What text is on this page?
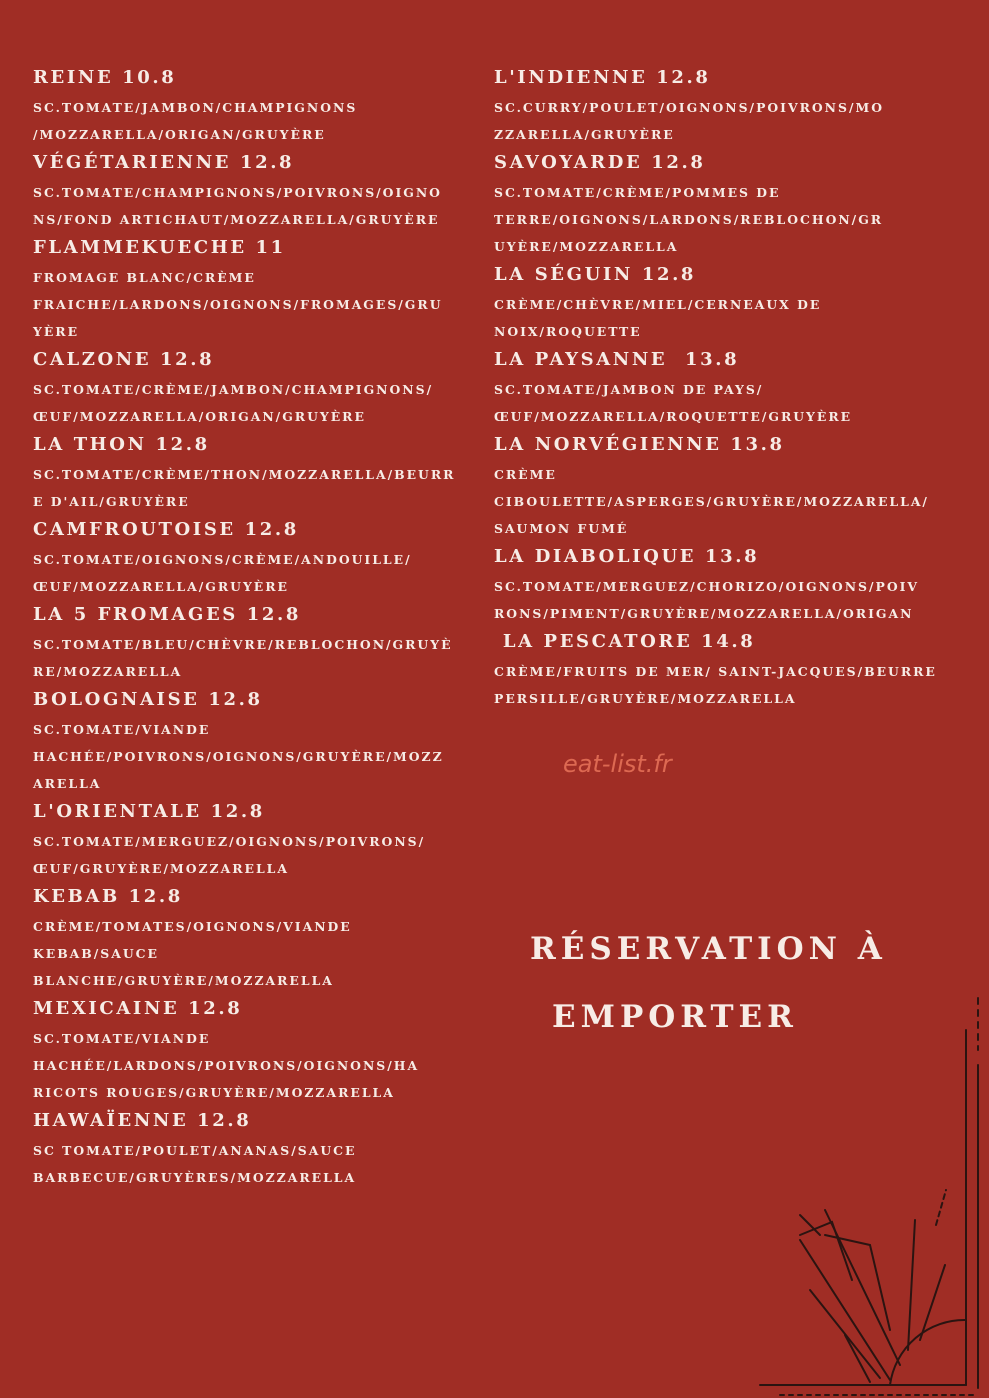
REINE 10.8
SC.TOMATE/JAMBON/CHAMPIGNONS
/MOZZARELLA/ORIGAN/GRUYÈRE
VÉGÉTARIENNE 12.8
SC.TOMATE/CHAMPIGNONS/POIVRONS/OIGNO
NS/FOND ARTICHAUT/MOZZARELLA/GRUYÈRE
FLAMMEKUECHE 11
FROMAGE BLANC/CRÈME
FRAICHE/LARDONS/OIGNONS/FROMAGES/GRU
YÈRE
CALZONE 12.8
SC.TOMATE/CRÈME/JAMBON/CHAMPIGNONS/
ŒUF/MOZZARELLA/ORIGAN/GRUYÈRE
LA THON 12.8
SC.TOMATE/CRÈME/THON/MOZZARELLA/BEURR
E D'AIL/GRUYÈRE
CAMFROUTOISE 12.8
SC.TOMATE/OIGNONS/CRÈME/ANDOUILLE/
ŒUF/MOZZARELLA/GRUYÈRE
LA 5 FROMAGES 12.8
SC.TOMATE/BLEU/CHÈVRE/REBLOCHON/GRUYÈ
RE/MOZZARELLA
BOLOGNAISE 12.8
SC.TOMATE/VIANDE
HACHÉE/POIVRONS/OIGNONS/GRUYÈRE/MOZZ
ARELLA
L'ORIENTALE 12.8
SC.TOMATE/MERGUEZ/OIGNONS/POIVRONS/
ŒUF/GRUYÈRE/MOZZARELLA
KEBAB 12.8
CRÈME/TOMATES/OIGNONS/VIANDE
KEBAB/SAUCE
BLANCHE/GRUYÈRE/MOZZARELLA
MEXICAINE 12.8
SC.TOMATE/VIANDE
HACHÉE/LARDONS/POIVRONS/OIGNONS/HA
RICOTS ROUGES/GRUYÈRE/MOZZARELLA
HAWAÏENNE 12.8
SC TOMATE/POULET/ANANAS/SAUCE
BARBECUE/GRUYÈRES/MOZZARELLA
L'INDIENNE 12.8
SC.CURRY/POULET/OIGNONS/POIVRONS/MO
ZZARELLA/GRUYÈRE
SAVOYARDE 12.8
SC.TOMATE/CRÈME/POMMES DE
TERRE/OIGNONS/LARDONS/REBLOCHON/GR
UYÈRE/MOZZARELLA
LA SÉGUIN 12.8
CRÈME/CHÈVRE/MIEL/CERNEAUX DE
NOIX/ROQUETTE
LA PAYSANNE  13.8
SC.TOMATE/JAMBON DE PAYS/
ŒUF/MOZZARELLA/ROQUETTE/GRUYÈRE
LA NORVÉGIENNE 13.8
CRÈME
CIBOULETTE/ASPERGES/GRUYÈRE/MOZZARELLA/
SAUMON FUMÉ
LA DIABOLIQUE 13.8
SC.TOMATE/MERGUEZ/CHORIZO/OIGNONS/POIV
RONS/PIMENT/GRUYÈRE/MOZZARELLA/ORIGAN
LA PESCATORE 14.8
CRÈME/FRUITS DE MER/ SAINT-JACQUES/BEURRE
PERSILLE/GRUYÈRE/MOZZARELLA
eat-list.fr
RÉSERVATION À
EMPORTER
